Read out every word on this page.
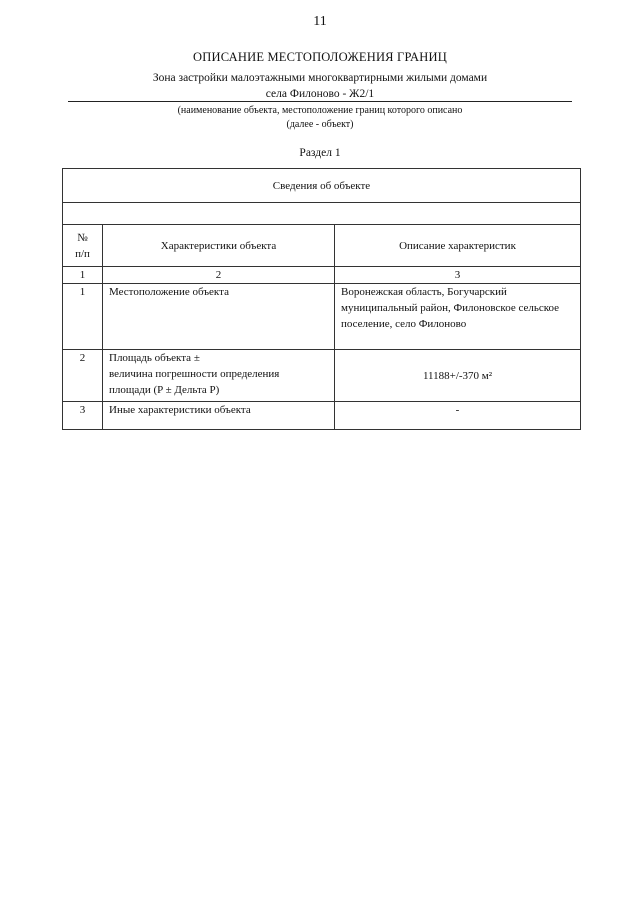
11
ОПИСАНИЕ МЕСТОПОЛОЖЕНИЯ ГРАНИЦ
Зона застройки малоэтажными многоквартирными жилыми домами
села Филоново - Ж2/1
(наименование объекта, местоположение границ которого описано
(далее - объект)
Раздел 1
Сведения об объекте		

№
п/п	Характеристики объекта	Описание характеристик
1	2	3
1	Местоположение объекта	Воронежская область, Богучарский муниципальный район, Филоновское сельское поселение, село Филоново
2	Площадь объекта ±
величина погрешности определения
площади (P ± Дельта P)	11188+/-370 м²
3	Иные характеристики объекта	-
